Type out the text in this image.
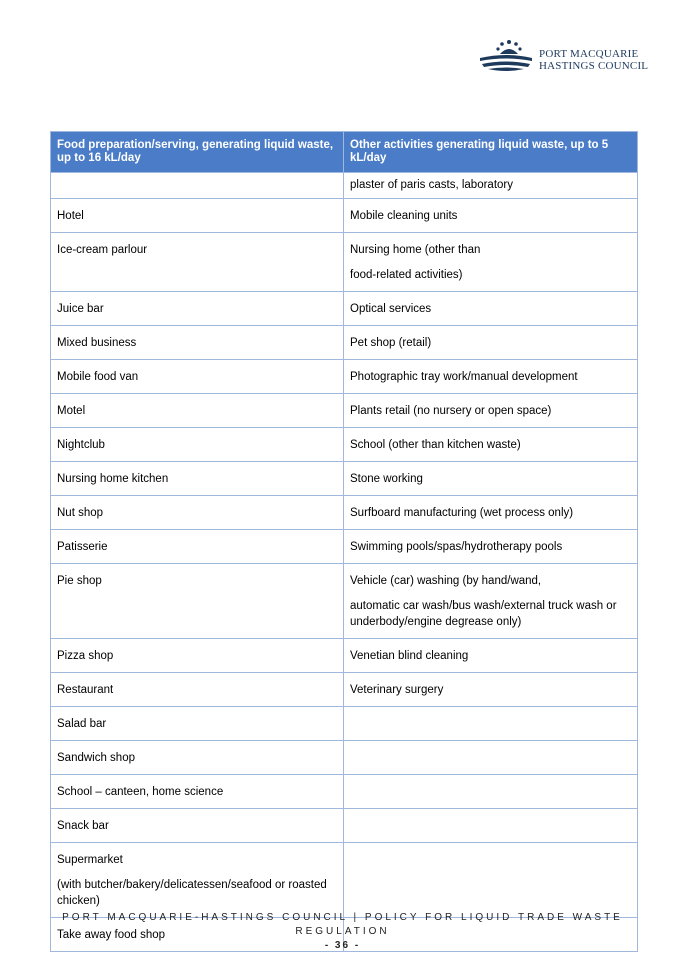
PORT MACQUARIE
HASTINGS COUNCIL
Food preparation/serving, generating liquid waste, up to 16 kL/day	Other activities generating liquid waste, up to 5 kL/day

	plaster of paris casts, laboratory

Hotel	Mobile cleaning units

Ice-cream parlour	Nursing home (other than
food-related activities)

Juice bar	Optical services

Mixed business	Pet shop (retail)

Mobile food van	Photographic tray work/manual development

Motel	Plants retail (no nursery or open space)

Nightclub	School (other than kitchen waste)

Nursing home kitchen	Stone working

Nut shop	Surfboard manufacturing (wet process only)

Patisserie	Swimming pools/spas/hydrotherapy pools

Pie shop	Vehicle (car) washing (by hand/wand,
automatic car wash/bus wash/external truck wash or underbody/engine degrease only)

Pizza shop	Venetian blind cleaning

Restaurant	Veterinary surgery

Salad bar	

Sandwich shop	

School – canteen, home science	

Snack bar	

Supermarket
(with butcher/bakery/delicatessen/seafood or roasted chicken)	

Take away food shop	

PORT MACQUARIE-HASTINGS COUNCIL | POLICY FOR LIQUID TRADE WASTE
REGULATION
- 36 -
